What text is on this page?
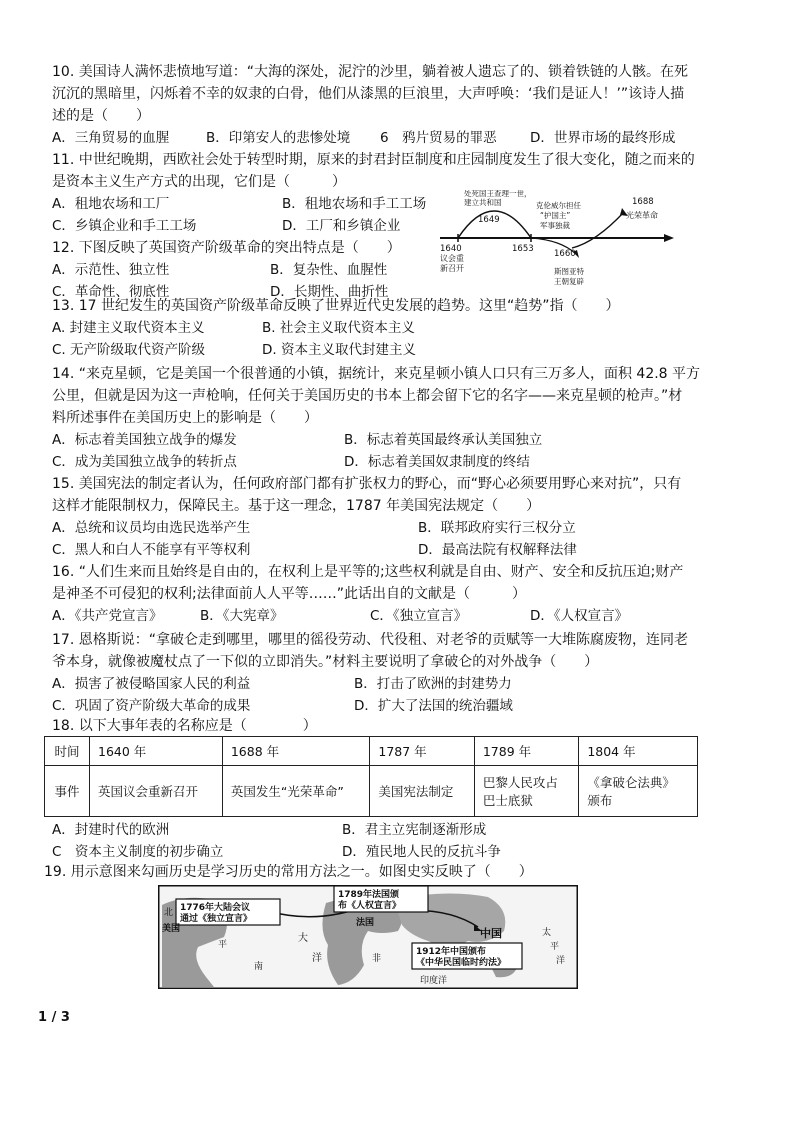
10. 美国诗人满怀悲愤地写道：“大海的深处，泥泞的沙里，躺着被人遗忘了的、锁着铁链的人骸。在死
沉沉的黑暗里，闪烁着不幸的奴隶的白骨，他们从漆黑的巨浪里，大声呼唤：‘我们是证人！’”该诗人描
述的是（　　）
A．三角贸易的血腥	B．印第安人的悲惨处境 6　鸦片贸易的罪恶 D．世界市场的最终形成
11. 中世纪晚期，西欧社会处于转型时期，原来的封君封臣制度和庄园制度发生了很大变化，随之而来的
是资本主义生产方式的出现，它们是（　　　）
A．租地农场和工厂	B．租地农场和手工工场
C．乡镇企业和手工工场	D．工厂和乡镇企业
12. 下图反映了英国资产阶级革命的突出特点是（　　）
A．示范性、独立性	B．复杂性、血腥性
C．革命性、彻底性	D．长期性、曲折性
处死国王查理一世，
建立共和国
1649
克伦威尔担任
“护国主”
军事独裁
1688
光荣革命
1640
议会重
新召开
1653 1660
斯图亚特
王朝复辟
13. 17 世纪发生的英国资产阶级革命反映了世界近代史发展的趋势。这里“趋势”指（　　）
A. 封建主义取代资本主义	B. 社会主义取代资本主义
C. 无产阶级取代资产阶级	D. 资本主义取代封建主义
14. “来克星顿，它是美国一个很普通的小镇，据统计，来克星顿小镇人口只有三万多人，面积 42.8 平方
公里，但就是因为这一声枪响，任何关于美国历史的书本上都会留下它的名字——来克星顿的枪声。”材
料所述事件在美国历史上的影响是（　　）
A．标志着美国独立战争的爆发	B．标志着英国最终承认美国独立
C．成为美国独立战争的转折点	D．标志着美国奴隶制度的终结
15. 美国宪法的制定者认为，任何政府部门都有扩张权力的野心，而“野心必须要用野心来对抗”，只有
这样才能限制权力，保障民主。基于这一理念，1787 年美国宪法规定（　　）
A．总统和议员均由选民选举产生	B．联邦政府实行三权分立
C．黑人和白人不能享有平等权利	D．最高法院有权解释法律
16. “人们生来而且始终是自由的，在权利上是平等的;这些权利就是自由、财产、安全和反抗压迫;财产
是神圣不可侵犯的权利;法律面前人人平等……”此话出自的文献是（　　　）
A．《共产党宣言》	B．《大宪章》	C．《独立宣言》	D．《人权宣言》
17. 恩格斯说：“拿破仑走到哪里，哪里的徭役劳动、代役租、对老爷的贡赋等一大堆陈腐废物，连同老
爷本身，就像被魔杖点了一下似的立即消失。”材料主要说明了拿破仑的对外战争（　　）
A．损害了被侵略国家人民的利益	B．打击了欧洲的封建势力
C．巩固了资产阶级大革命的成果	D．扩大了法国的统治疆域
18. 以下大事年表的名称应是（　　　　）
时间	1640 年	1688 年	1787 年	1789 年	1804 年
事件	英国议会重新召开	英国发生“光荣革命”	美国宪法制定	巴黎人民攻占
巴士底狱	《拿破仑法典》
颁布
A．封建时代的欧洲	B．君主立宪制逐渐形成
C　资本主义制度的初步确立	D．殖民地人民的反抗斗争
19. 用示意图来勾画历史是学习历史的常用方法之一。如图史实反映了（　　）
1776年大陆会议
通过《独立宣言》
1789年法国颁
布《人权宣言》
1912年中国颁布
《中华民国临时约法》
北
美国
法国
中国
大
洋
平
南
非
印度洋
太
平
洋
1 / 3
